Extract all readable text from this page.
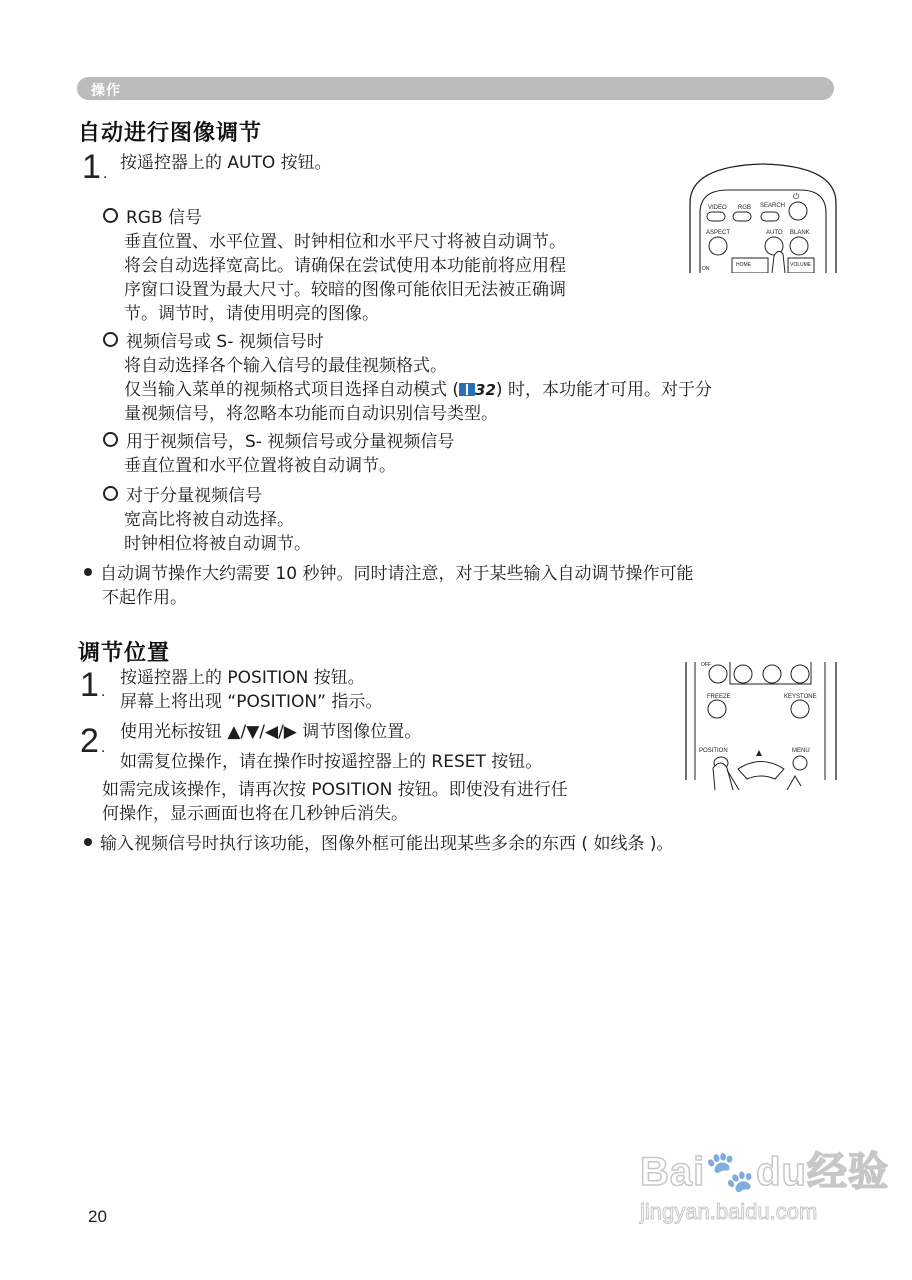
操作
自动进行图像调节
1 .
按遥控器上的 AUTO 按钮。
RGB 信号
垂直位置、水平位置、时钟相位和水平尺寸将被自动调节。
将会自动选择宽高比。请确保在尝试使用本功能前将应用程
序窗口设置为最大尺寸。较暗的图像可能依旧无法被正确调
节。调节时，请使用明亮的图像。
视频信号或 S- 视频信号时
将自动选择各个输入信号的最佳视频格式。
仅当输入菜单的视频格式项目选择自动模式 ( 32) 时，本功能才可用。对于分
量视频信号，将忽略本功能而自动识别信号类型。
用于视频信号，S- 视频信号或分量视频信号
垂直位置和水平位置将被自动调节。
对于分量视频信号
宽高比将被自动选择。
时钟相位将被自动调节。
自动调节操作大约需要 10 秒钟。同时请注意，对于某些输入自动调节操作可能
不起作用。
VIDEO RGB SEARCH
⏻
ASPECT	AUTO BLANK
ON
HOME	VOLUME
调节位置
1 .
按遥控器上的 POSITION 按钮。
屏幕上将出现 “POSITION” 指示。
2 .
使用光标按钮 ▲/▼/◀/▶ 调节图像位置。
如需复位操作，请在操作时按遥控器上的 RESET 按钮。
如需完成该操作，请再次按 POSITION 按钮。即使没有进行任
何操作，显示画面也将在几秒钟后消失。
输入视频信号时执行该功能，图像外框可能出现某些多余的东西 ( 如线条 )。
OFF
FREEZE	KEYSTONE
POSITION	MENU
20
Bai🐾du经验
jingyan.baidu.com
